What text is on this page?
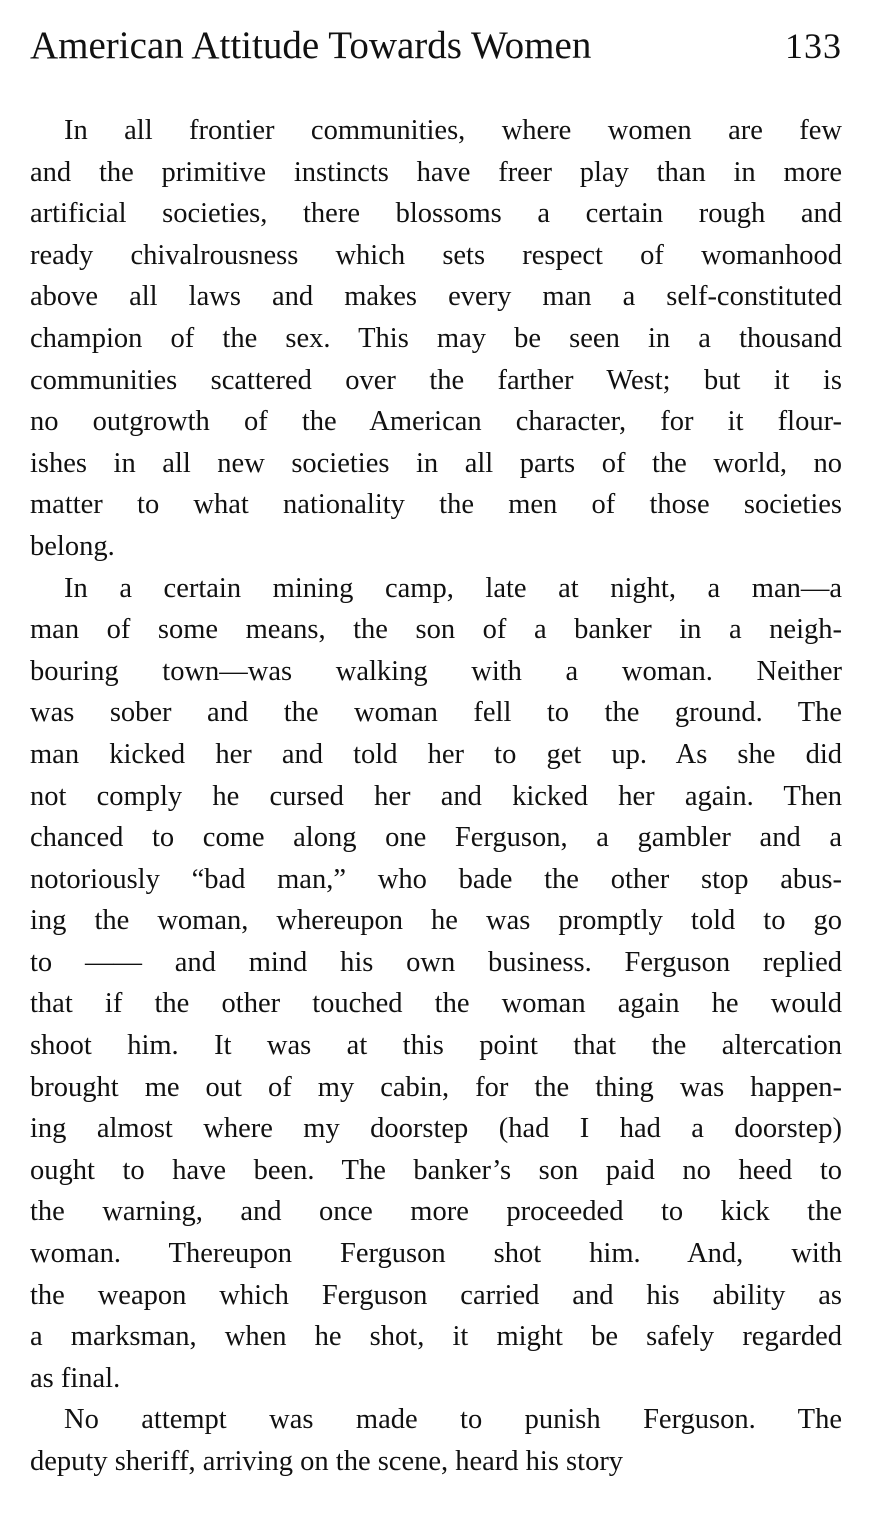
American Attitude Towards Women	133
In all frontier communities, where women are few
and the primitive instincts have freer play than in more
artificial societies, there blossoms a certain rough and
ready chivalrousness which sets respect of womanhood
above all laws and makes every man a self-constituted
champion of the sex. This may be seen in a thousand
communities scattered over the farther West; but it is
no outgrowth of the American character, for it flour-
ishes in all new societies in all parts of the world, no
matter to what nationality the men of those societies
belong.
In a certain mining camp, late at night, a man—a
man of some means, the son of a banker in a neigh-
bouring town—was walking with a woman. Neither
was sober and the woman fell to the ground. The
man kicked her and told her to get up. As she did
not comply he cursed her and kicked her again. Then
chanced to come along one Ferguson, a gambler and a
notoriously “bad man,” who bade the other stop abus-
ing the woman, whereupon he was promptly told to go
to —— and mind his own business. Ferguson replied
that if the other touched the woman again he would
shoot him. It was at this point that the altercation
brought me out of my cabin, for the thing was happen-
ing almost where my doorstep (had I had a doorstep)
ought to have been. The banker’s son paid no heed to
the warning, and once more proceeded to kick the
woman. Thereupon Ferguson shot him. And, with
the weapon which Ferguson carried and his ability as
a marksman, when he shot, it might be safely regarded
as final.
No attempt was made to punish Ferguson. The
deputy sheriff, arriving on the scene, heard his story
